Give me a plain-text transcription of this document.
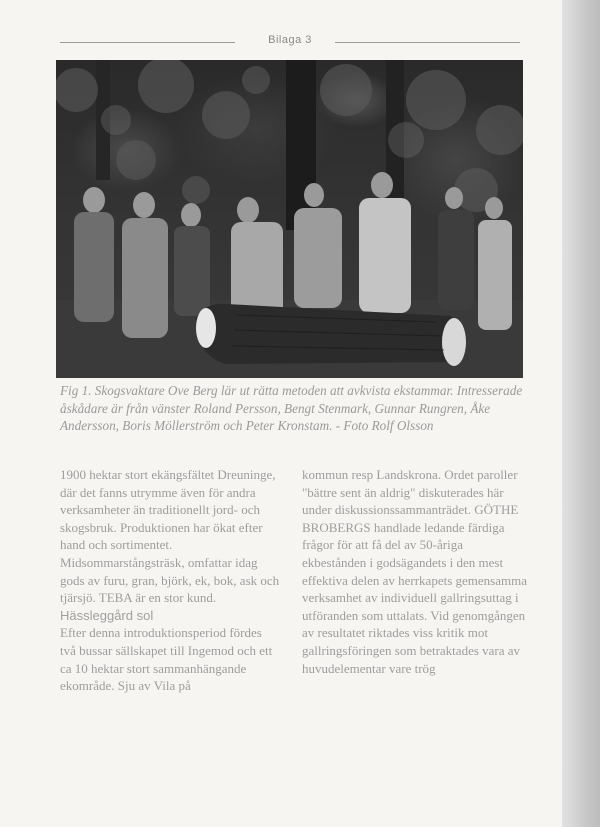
Bilaga 3

Fig 1. Skogsvaktare Ove Berg lär ut rätta metoden att avkvista ekstammar. Intresserade åskådare är från vänster Roland Persson, Bengt Stenmark, Gunnar Rungren, Åke Andersson, Boris Möllerström och Peter Kronstam. - Foto Rolf Olsson

1900 hektar stort ekängsfältet Dreuninge, där det fanns utrymme även för andra verksamheter än traditionellt jord- och skogsbruk. Produktionen har ökat efter hand och sortimentet. Midsommarstångsträsk, omfattar idag gods av furu, gran, björk, ek, bok, ask och tjärsjö. TEBA är en stor kund.

Hässleggård sol

Efter denna introduktionsperiod fördes två bussar sällskapet till Ingemod och ett ca 10 hektar stort sammanhängande ekområde. Sju av Vila på

kommun resp Landskrona. Ordet paroller "bättre sent än aldrig" diskuterades här under diskussionssammanträdet. GÖTHE BROBERGS handlade ledande färdiga frågor för att få del av 50-åriga ekbestånden i godsägandets i den mest effektiva delen av herrkapets gemensamma verksamhet av individuell gallringsuttag i utföranden som uttalats. Vid genomgången av resultatet riktades viss kritik mot gallringsföringen som betraktades vara av huvudelementar vare trög
